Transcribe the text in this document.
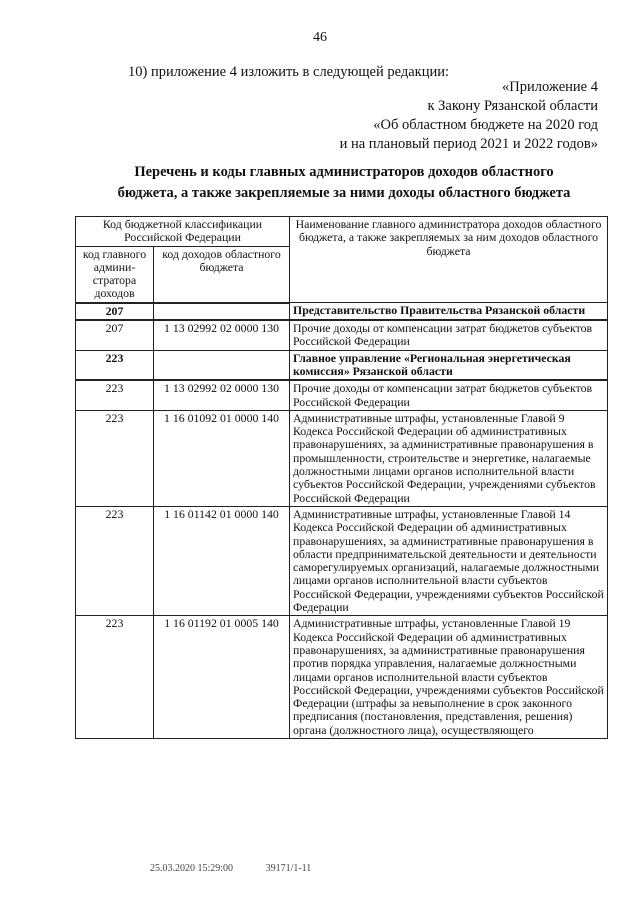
46
10) приложение 4 изложить в следующей редакции:
«Приложение 4
к Закону Рязанской области
«Об областном бюджете на 2020 год
и на плановый период 2021 и 2022 годов»
Перечень и коды главных администраторов доходов областного
бюджета, а также закрепляемые за ними доходы областного бюджета
Код бюджетной классификации Российской Федерации		Наименование главного администратора доходов областного бюджета, а также закрепляемых за ним доходов областного бюджета
код главного админи-стратора доходов	код доходов областного бюджета	
207		Представительство Правительства Рязанской области
207	1 13 02992 02 0000 130	Прочие доходы от компенсации затрат бюджетов субъектов Российской Федерации
223		Главное управление «Региональная энергетическая комиссия» Рязанской области
223	1 13 02992 02 0000 130	Прочие доходы от компенсации затрат бюджетов субъектов Российской Федерации
223	1 16 01092 01 0000 140	Административные штрафы, установленные Главой 9 Кодекса Российской Федерации об административных правонарушениях, за административные правонарушения в промышленности, строительстве и энергетике, налагаемые должностными лицами органов исполнительной власти субъектов Российской Федерации, учреждениями субъектов Российской Федерации
223	1 16 01142 01 0000 140	Административные штрафы, установленные Главой 14 Кодекса Российской Федерации об административных правонарушениях, за административные правонарушения в области предпринимательской деятельности и деятельности саморегулируемых организаций, налагаемые должностными лицами органов исполнительной власти субъектов Российской Федерации, учреждениями субъектов Российской Федерации
223	1 16 01192 01 0005 140	Административные штрафы, установленные Главой 19 Кодекса Российской Федерации об административных правонарушениях, за административные правонарушения против порядка управления, налагаемые должностными лицами органов исполнительной власти субъектов Российской Федерации, учреждениями субъектов Российской Федерации (штрафы за невыполнение в срок законного предписания (постановления, представления, решения) органа (должностного лица), осуществляющего
25.03.2020 15:29:00	39171/1-11
